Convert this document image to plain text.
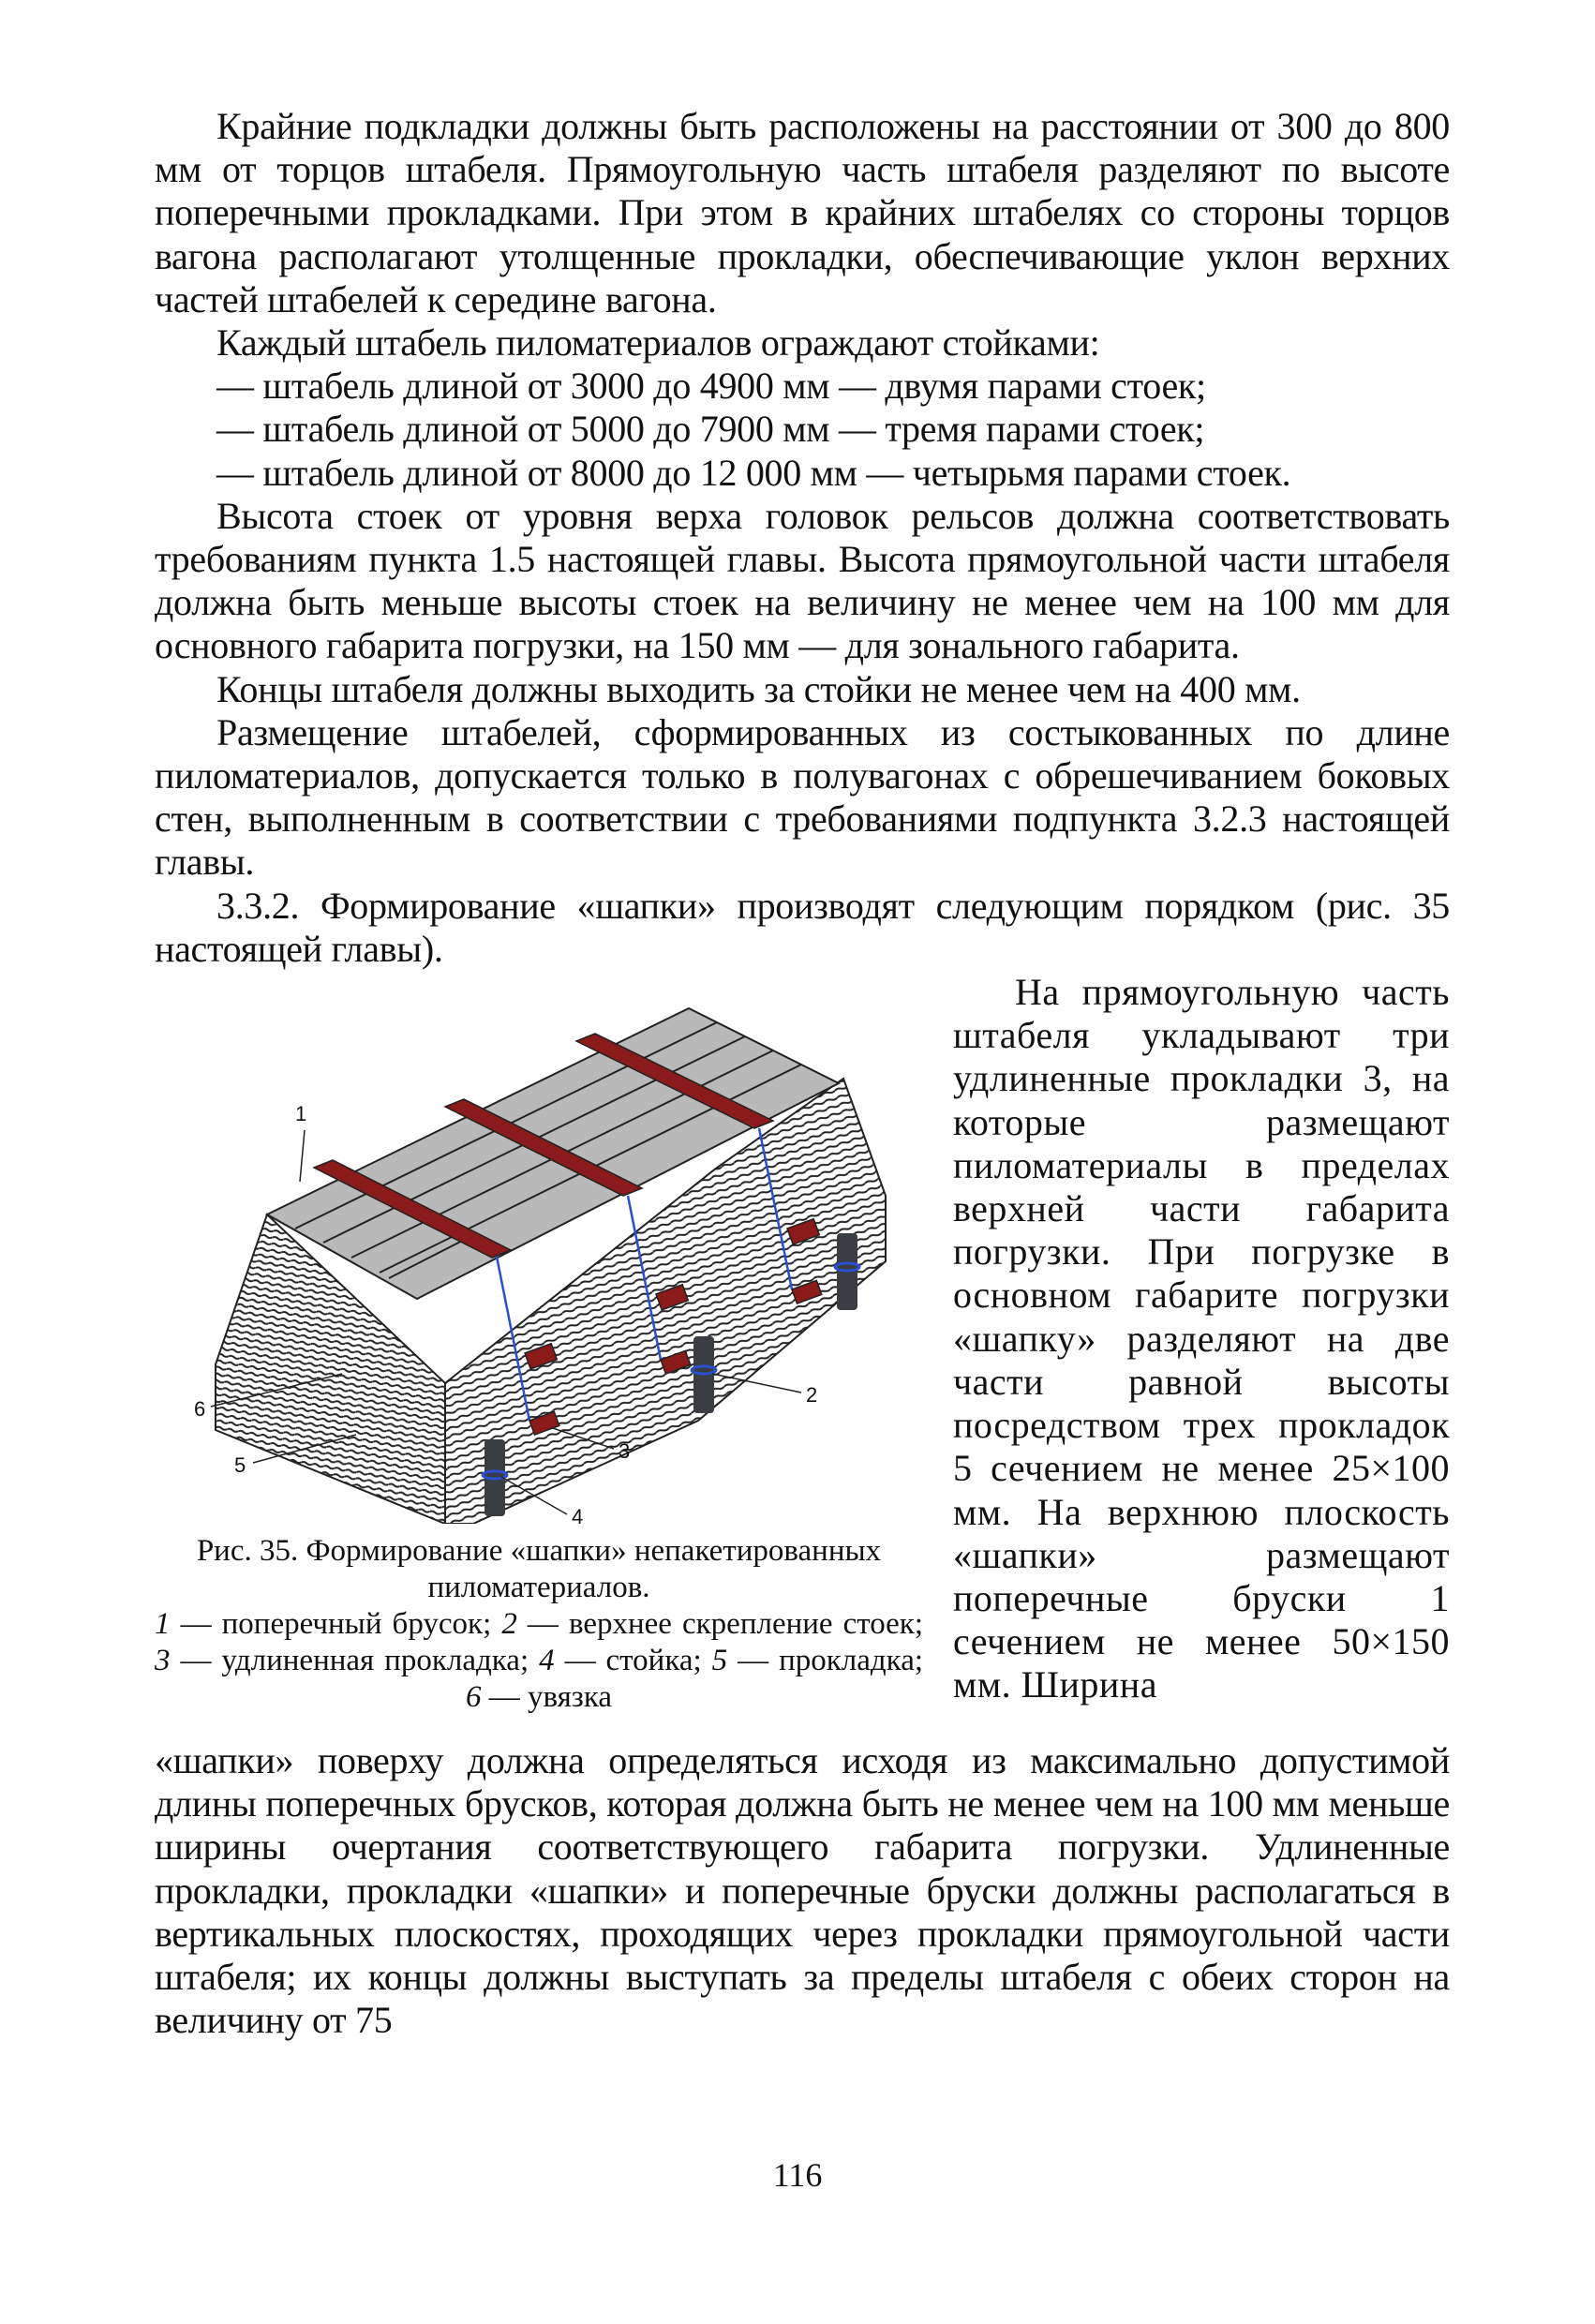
Крайние подкладки должны быть расположены на расстоянии от 300 до 800 мм от торцов штабеля. Прямоугольную часть штабеля разделяют по высоте поперечными прокладками. При этом в крайних штабелях со стороны торцов вагона располагают утолщенные прокладки, обеспечивающие уклон верхних частей штабелей к середине вагона.

Каждый штабель пиломатериалов ограждают стойками:

— штабель длиной от 3000 до 4900 мм — двумя парами стоек;

— штабель длиной от 5000 до 7900 мм — тремя парами стоек;

— штабель длиной от 8000 до 12 000 мм — четырьмя парами стоек.

Высота стоек от уровня верха головок рельсов должна соответствовать требованиям пункта 1.5 настоящей главы. Высота прямоугольной части штабеля должна быть меньше высоты стоек на величину не менее чем на 100 мм для основного габарита погрузки, на 150 мм — для зонального габарита.

Концы штабеля должны выходить за стойки не менее чем на 400 мм.

Размещение штабелей, сформированных из состыкованных по длине пиломатериалов, допускается только в полувагонах с обрешечиванием боковых стен, выполненным в соответствии с требованиями подпункта 3.2.3 настоящей главы.

3.3.2. Формирование «шапки» производят следующим порядком (рис. 35 настоящей главы).

1
2
3
4
5
6
Рис. 35. Формирование «шапки» непакетированных пиломатериалов.
1 — поперечный брусок; 2 — верхнее скрепление стоек; 3 — удлиненная прокладка; 4 — стойка; 5 — прокладка; 6 — увязка

На прямоугольную часть штабеля укладывают три удлиненные прокладки 3, на которые размещают пиломатериалы в пределах верхней части габарита погрузки. При погрузке в основном габарите погрузки «шапку» разделяют на две части равной высоты посредством трех прокладок 5 сечением не менее 25×100 мм. На верхнюю плоскость «шапки» размещают поперечные бруски 1 сечением не менее 50×150 мм. Ширина

«шапки» поверху должна определяться исходя из максимально допустимой длины поперечных брусков, которая должна быть не менее чем на 100 мм меньше ширины очертания соответствующего габарита погрузки. Удлиненные прокладки, прокладки «шапки» и поперечные бруски должны располагаться в вертикальных плоскостях, проходящих через прокладки прямоугольной части штабеля; их концы должны выступать за пределы штабеля с обеих сторон на величину от 75

116
